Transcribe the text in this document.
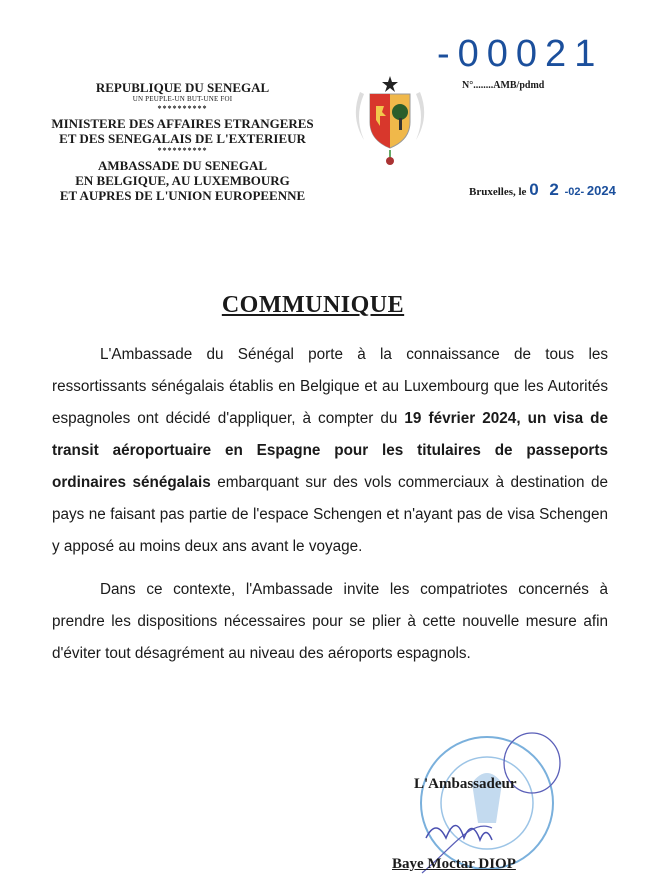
REPUBLIQUE DU SENEGAL
UN PEUPLE-UN BUT-UNE FOI
**********
MINISTERE DES AFFAIRES ETRANGERES
ET DES SENEGALAIS DE L'EXTERIEUR
**********
AMBASSADE DU SENEGAL
EN BELGIQUE, AU LUXEMBOURG
ET AUPRES DE L'UNION EUROPEENNE
-00021
N°........AMB/pdmd
Bruxelles, le 0 2 -02- 2024
COMMUNIQUE

L'Ambassade du Sénégal porte à la connaissance de tous les ressortissants sénégalais établis en Belgique et au Luxembourg que les Autorités espagnoles ont décidé d'appliquer, à compter du 19 février 2024, un visa de transit aéroportuaire en Espagne pour les titulaires de passeports ordinaires sénégalais embarquant sur des vols commerciaux à destination de pays ne faisant pas partie de l'espace Schengen et n'ayant pas de visa Schengen y apposé au moins deux ans avant le voyage.

Dans ce contexte, l'Ambassade invite les compatriotes concernés à prendre les dispositions nécessaires pour se plier à cette nouvelle mesure afin d'éviter tout désagrément au niveau des aéroports espagnols.

L'Ambassadeur
Baye Moctar DIOP
